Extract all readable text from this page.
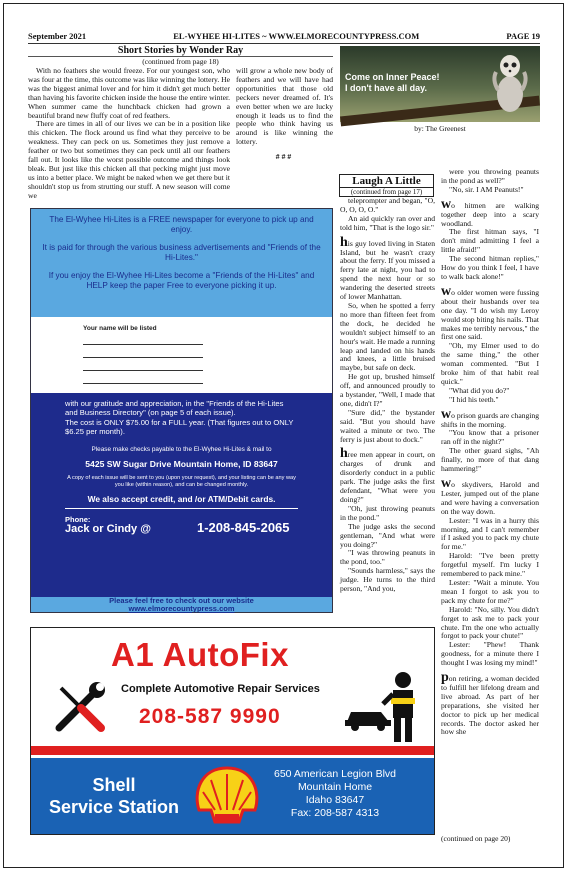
September 2021	EL-WYHEE HI-LITES ~ WWW.ELMORECOUNTYPRESS.COM	PAGE 19
Short Stories by Wonder Ray
(continued from page 18)

With no feathers she would freeze. For our youngest son, who was four at the time, this outcome was like winning the lottery. He was the biggest animal lover and for him it didn't get much better than having his favorite chicken inside the house the entire winter. When summer came the hunchback chicken had grown a beautiful brand new fluffy coat of red feathers.

There are times in all of our lives we can be in a position like this chicken. The flock around us find what they perceive to be weakness. They can peck on us. Sometimes they just remove a feather or two but sometimes they can peck until all our feathers fall out. It looks like the worst possible outcome and things look bleak. But just like this chicken all that pecking might just move us into a better place. We might be naked when we get there but it shouldn't stop us from strutting our stuff. A new season will come we

will grow a whole new body of feathers and we will have had opportunities that those old peckers never dreamed of. It's even better when we are lucky enough it leads us to find the people who think having us around is like winning the lottery.

###
Come on Inner Peace!
I don't have all day.
by: The Greenest
Laugh A Little
(continued from page 17)

teleprompter and began, "O, O, O, O, O."

An aid quickly ran over and told him, "That is the logo sir."

his guy loved living in Staten Island, but he wasn't crazy about the ferry. If you missed a ferry late at night, you had to spend the next hour or so wandering the deserted streets of lower Manhattan.

So, when he spotted a ferry no more than fifteen feet from the dock, he decided he wouldn't subject himself to an hour's wait. He made a running leap and landed on his hands and knees, a little bruised maybe, but safe on deck.

He got up, brushed himself off, and announced proudly to a bystander, "Well, I made that one, didn't I?"

"Sure did," the bystander said. "But you should have waited a minute or two. The ferry is just about to dock."

hree men appear in court, on charges of drunk and disorderly conduct in a public park. The judge asks the first defendant, "What were you doing?"

"Oh, just throwing peanuts in the pond."

The judge asks the second gentleman, "And what were you doing?"

"I was throwing peanuts in the pond, too."

"Sounds harmless," says the judge. He turns to the third person, "And you,

were you throwing peanuts in the pond as well?"

"No, sir. I AM Peanuts!"

wo hitmen are walking together deep into a scary woodland.

The first hitman says, "I don't mind admitting I feel a little afraid!"

The second hitman replies," How do you think I feel, I have to walk back alone!"

wo older women were fussing about their husbands over tea one day. "I do wish my Leroy would stop biting his nails. That makes me terribly nervous," the first one said.

"Oh, my Elmer used to do the same thing," the other woman commented. "But I broke him of that habit real quick."

"What did you do?"

"I hid his teeth."

wo prison guards are changing shifts in the morning.

"You know that a prisoner ran off in the night?"

The other guard sighs, "Ah finally, no more of that dang hammering!"

wo skydivers, Harold and Lester, jumped out of the plane and were having a conversation on the way down.

Lester: "I was in a hurry this morning, and I can't remember if I asked you to pack my chute for me."

Harold: "I've been pretty forgetful myself. I'm lucky I remembered to pack mine."

Lester: "Wait a minute. You mean I forgot to ask you to pack my chute for me?"

Harold: "No, silly. You didn't forget to ask me to pack your chute. I'm the one who actually forgot to pack your chute!"

Lester: "Phew! Thank goodness, for a minute there I thought I was losing my mind!"

pon retiring, a woman decided to fulfill her lifelong dream and live abroad. As part of her preparations, she visited her doctor to pick up her medical records. The doctor asked her how she

The El-Wyhee Hi-Lites is a FREE newspaper for everyone to pick up and enjoy.
It is paid for through the various business advertisements and "Friends of the Hi-Lites."
If you enjoy the El-Wyhee Hi-Lites become a "Friends of the Hi-Lites" and HELP keep the paper Free to everyone picking it up.
Your name will be listed
with our gratitude and appreciation, in the "Friends of the Hi-Lites and Business Directory" (on page 5 of each issue).
The cost is ONLY $75.00 for a FULL year. (That figures out to ONLY $6.25 per month).
Please make checks payable to the El-Wyhee Hi-Lites & mail to
5425 SW Sugar Drive Mountain Home, ID 83647
A copy of each issue will be sent to you (upon your request), and your listing can be any way you like (within reason), and can be changed monthly.
We also accept credit, and /or ATM/Debit cards.
Phone:
Jack or Cindy @	1-208-845-2065
Please feel free to check out our website
www.elmorecountypress.com
A1 AutoFix
Complete Automotive Repair Services
208-587 9990
Shell
Service Station
650 American Legion Blvd
Mountain Home
Idaho 83647
Fax: 208-587 4313
(continued on page 20)
